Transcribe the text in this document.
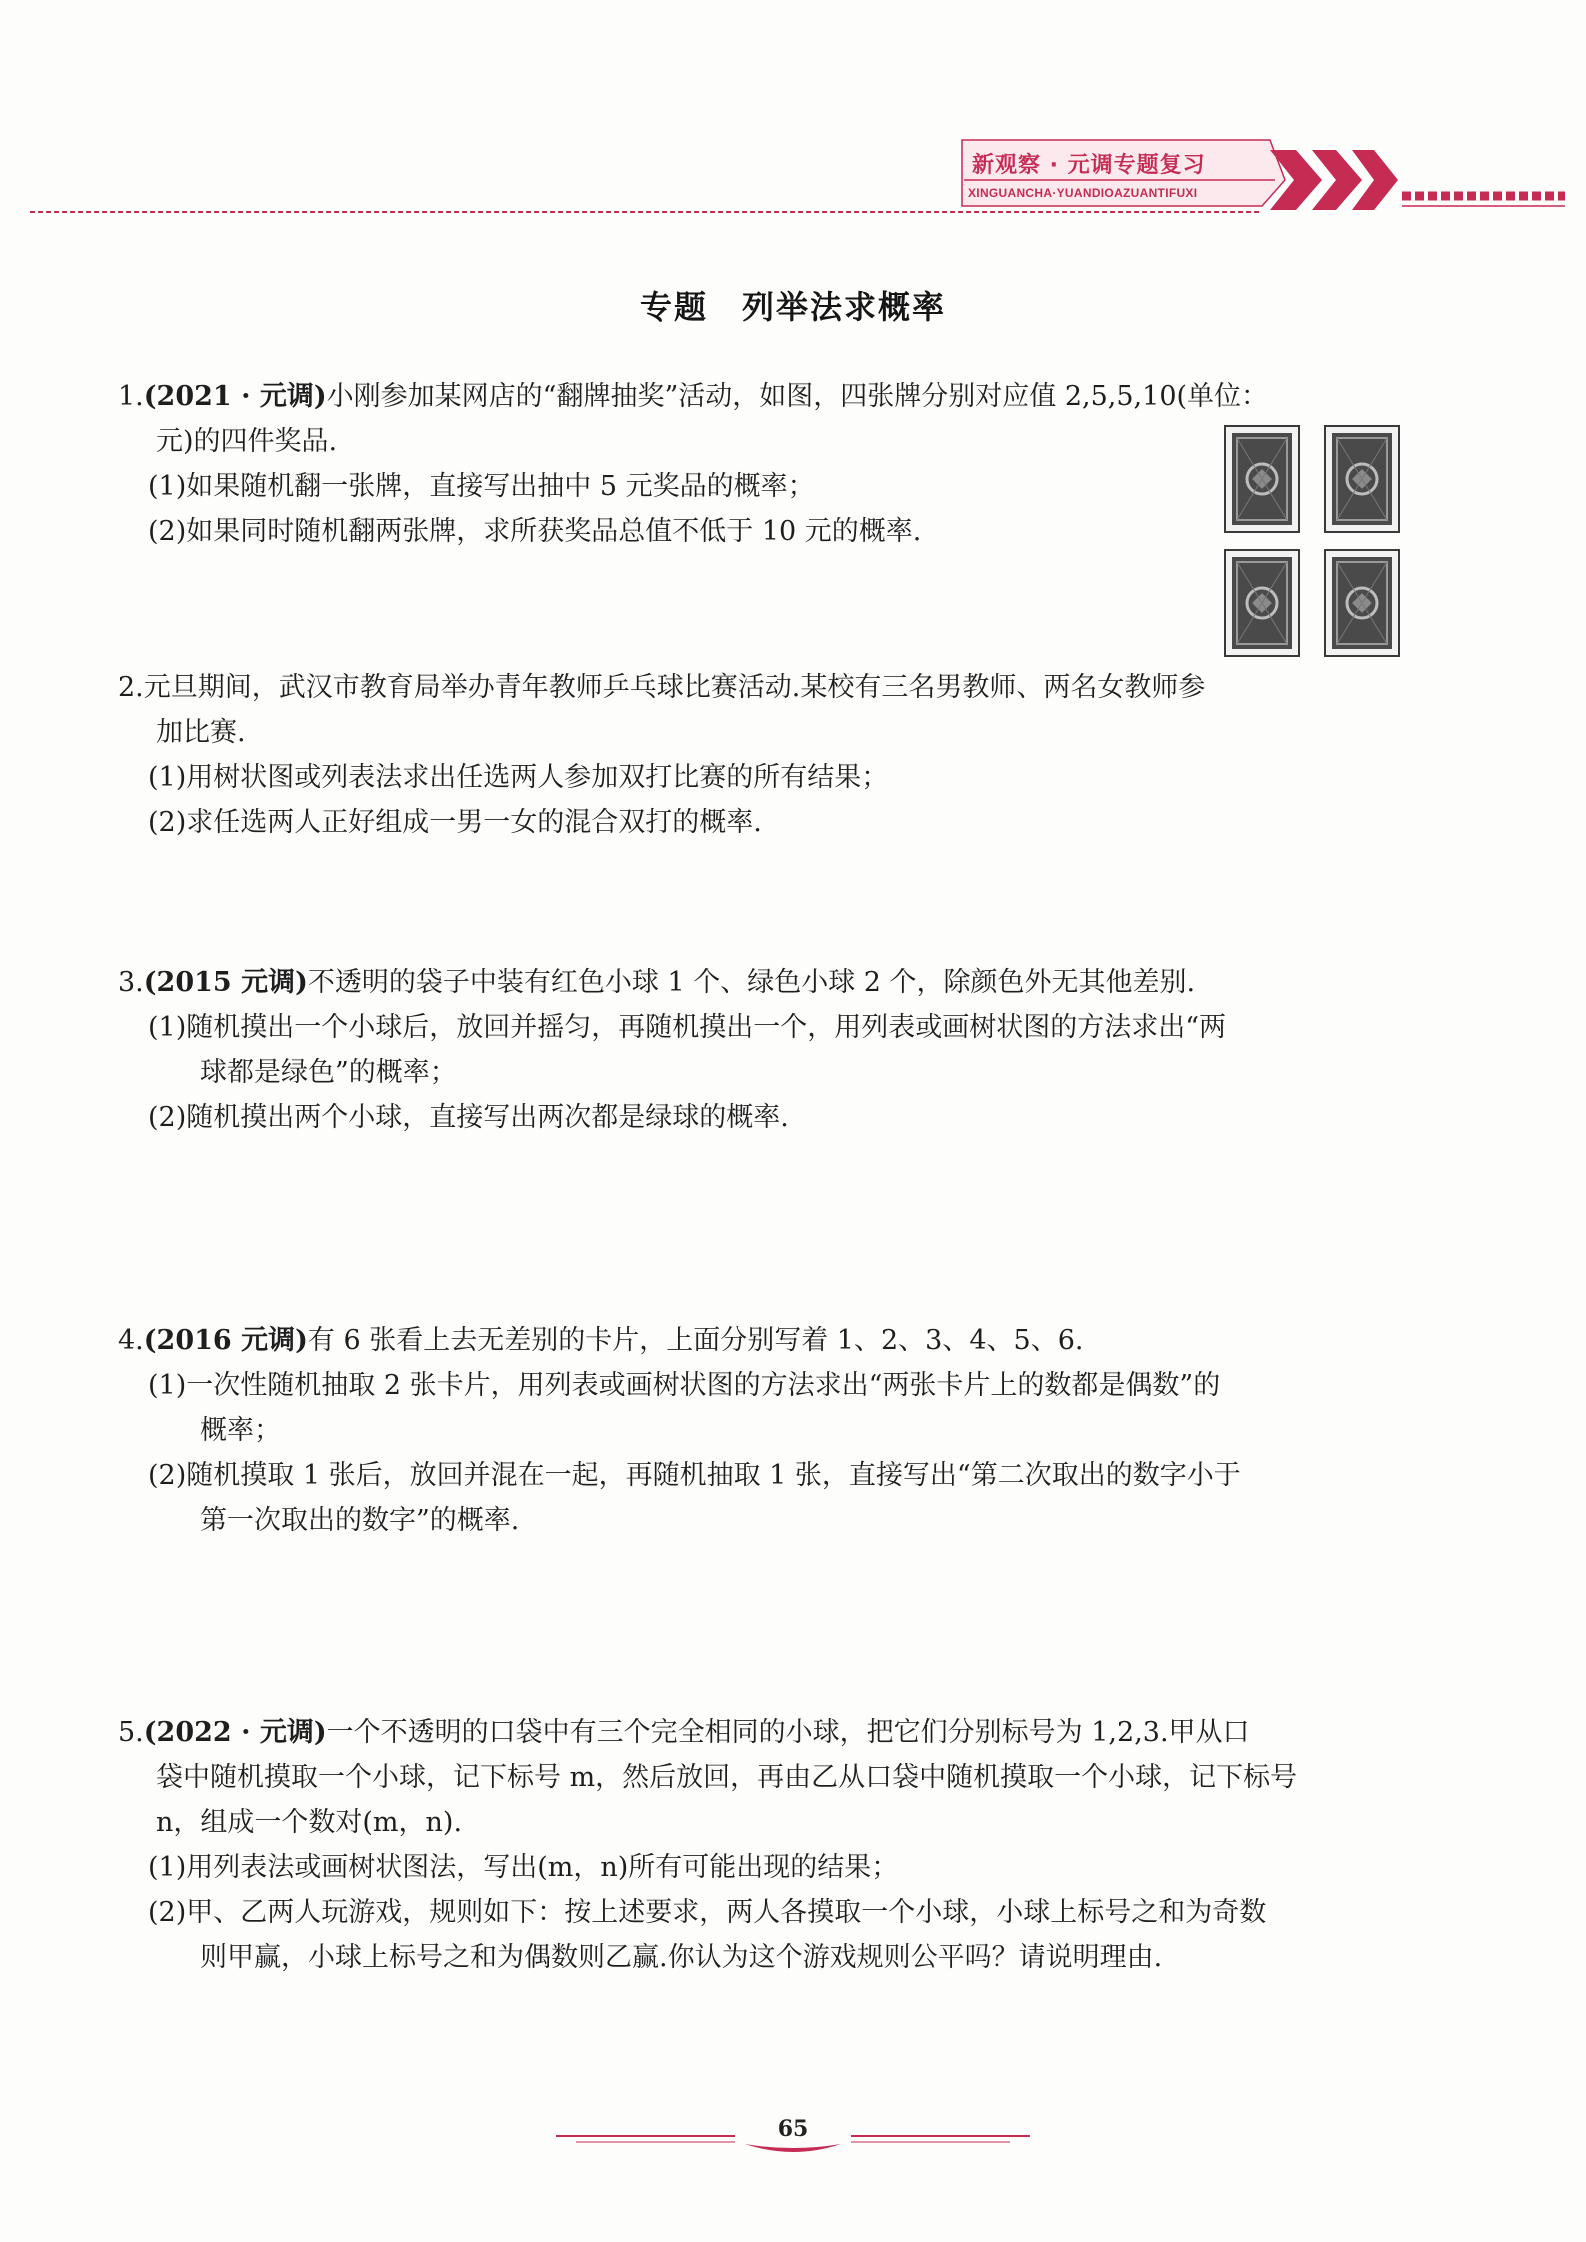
新观察 · 元调专题复习
XINGUANCHA·YUANDIOAZUANTIFUXI
专题 列举法求概率
1.(2021 · 元调)小刚参加某网店的“翻牌抽奖”活动，如图，四张牌分别对应值 2,5,5,10(单位：
元)的四件奖品.
(1)如果随机翻一张牌，直接写出抽中 5 元奖品的概率；
(2)如果同时随机翻两张牌，求所获奖品总值不低于 10 元的概率.
2.元旦期间，武汉市教育局举办青年教师乒乓球比赛活动.某校有三名男教师、两名女教师参
加比赛.
(1)用树状图或列表法求出任选两人参加双打比赛的所有结果；
(2)求任选两人正好组成一男一女的混合双打的概率.
3.(2015 元调)不透明的袋子中装有红色小球 1 个、绿色小球 2 个，除颜色外无其他差别.
(1)随机摸出一个小球后，放回并摇匀，再随机摸出一个，用列表或画树状图的方法求出“两
球都是绿色”的概率；
(2)随机摸出两个小球，直接写出两次都是绿球的概率.
4.(2016 元调)有 6 张看上去无差别的卡片，上面分别写着 1、2、3、4、5、6.
(1)一次性随机抽取 2 张卡片，用列表或画树状图的方法求出“两张卡片上的数都是偶数”的
概率；
(2)随机摸取 1 张后，放回并混在一起，再随机抽取 1 张，直接写出“第二次取出的数字小于
第一次取出的数字”的概率.
5.(2022 · 元调)一个不透明的口袋中有三个完全相同的小球，把它们分别标号为 1,2,3.甲从口
袋中随机摸取一个小球，记下标号 m，然后放回，再由乙从口袋中随机摸取一个小球，记下标号
n，组成一个数对(m，n).
(1)用列表法或画树状图法，写出(m，n)所有可能出现的结果；
(2)甲、乙两人玩游戏，规则如下：按上述要求，两人各摸取一个小球，小球上标号之和为奇数
则甲赢，小球上标号之和为偶数则乙赢.你认为这个游戏规则公平吗？请说明理由.
65
